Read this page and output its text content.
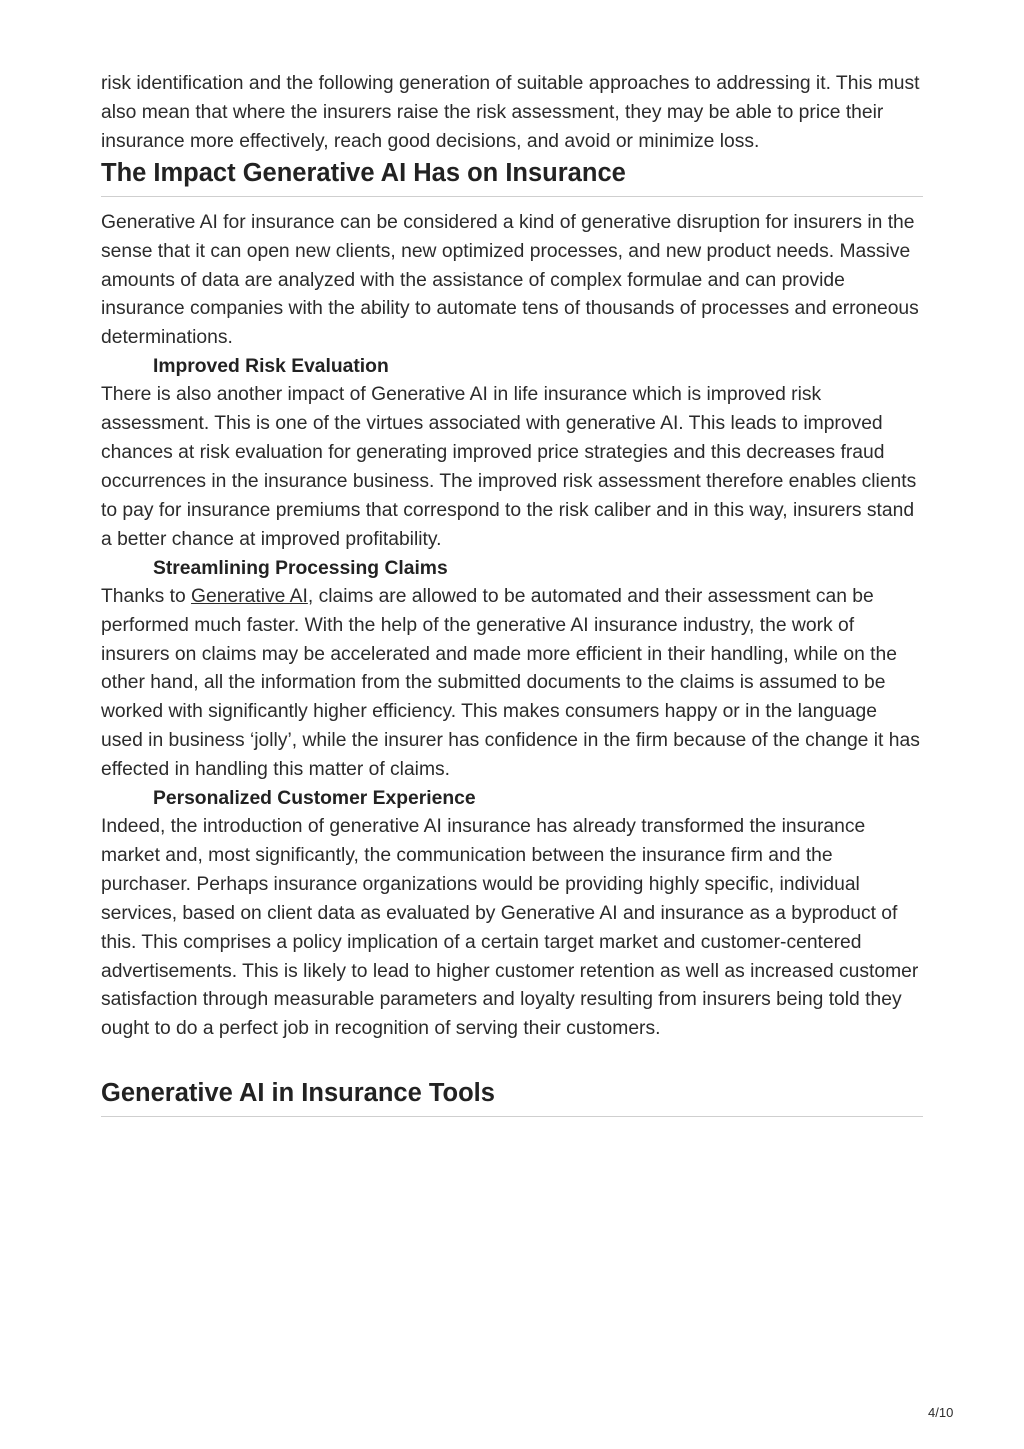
risk identification and the following generation of suitable approaches to addressing it. This must also mean that where the insurers raise the risk assessment, they may be able to price their insurance more effectively, reach good decisions, and avoid or minimize loss.

The Impact Generative AI Has on Insurance

Generative AI for insurance can be considered a kind of generative disruption for insurers in the sense that it can open new clients, new optimized processes, and new product needs. Massive amounts of data are analyzed with the assistance of complex formulae and can provide insurance companies with the ability to automate tens of thousands of processes and erroneous determinations.

Improved Risk Evaluation

There is also another impact of Generative AI in life insurance which is improved risk assessment. This is one of the virtues associated with generative AI. This leads to improved chances at risk evaluation for generating improved price strategies and this decreases fraud occurrences in the insurance business. The improved risk assessment therefore enables clients to pay for insurance premiums that correspond to the risk caliber and in this way, insurers stand a better chance at improved profitability.

Streamlining Processing Claims

Thanks to Generative AI, claims are allowed to be automated and their assessment can be performed much faster. With the help of the generative AI insurance industry, the work of insurers on claims may be accelerated and made more efficient in their handling, while on the other hand, all the information from the submitted documents to the claims is assumed to be worked with significantly higher efficiency. This makes consumers happy or in the language used in business ‘jolly’, while the insurer has confidence in the firm because of the change it has effected in handling this matter of claims.

Personalized Customer Experience

Indeed, the introduction of generative AI insurance has already transformed the insurance market and, most significantly, the communication between the insurance firm and the purchaser. Perhaps insurance organizations would be providing highly specific, individual services, based on client data as evaluated by Generative AI and insurance as a byproduct of this. This comprises a policy implication of a certain target market and customer-centered advertisements. This is likely to lead to higher customer retention as well as increased customer satisfaction through measurable parameters and loyalty resulting from insurers being told they ought to do a perfect job in recognition of serving their customers.

Generative AI in Insurance Tools
4/10
